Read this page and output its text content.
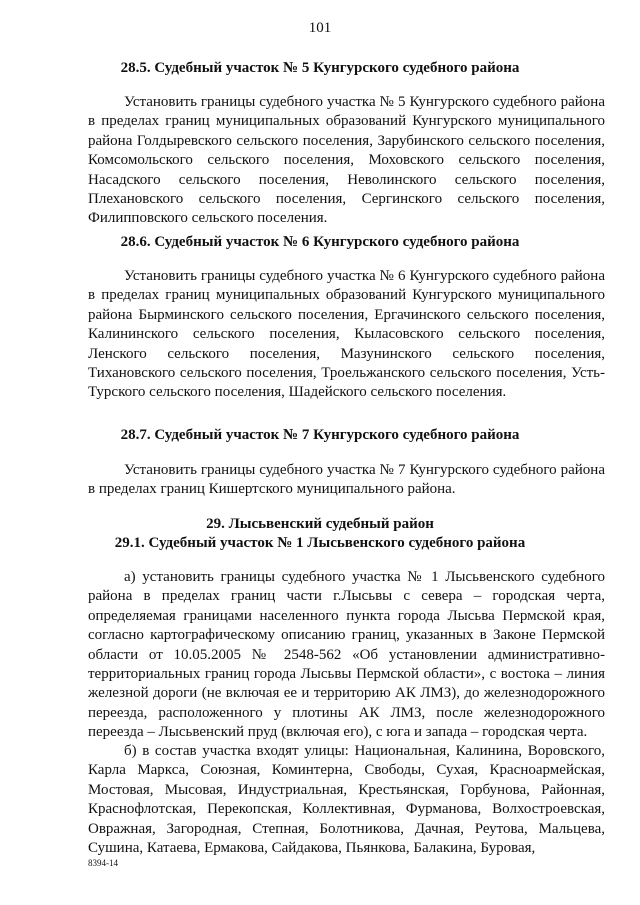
101
28.5. Судебный участок № 5 Кунгурского судебного района

Установить границы судебного участка № 5 Кунгурского судебного района в пределах границ муниципальных образований Кунгурского муниципального района Голдыревского сельского поселения, Зарубинского сельского поселения, Комсомольского сельского поселения, Моховского сельского поселения, Насадского сельского поселения, Неволинского сельского поселения, Плехановского сельского поселения, Сергинского сельского поселения, Филипповского сельского поселения.

28.6. Судебный участок № 6 Кунгурского судебного района

Установить границы судебного участка № 6 Кунгурского судебного района в пределах границ муниципальных образований Кунгурского муниципального района Бырминского сельского поселения, Ергачинского сельского поселения, Калининского сельского поселения, Кыласовского сельского поселения, Ленского сельского поселения, Мазунинского сельского поселения, Тихановского сельского поселения, Троельжанского сельского поселения, Усть-Турского сельского поселения, Шадейского сельского поселения.

28.7. Судебный участок № 7 Кунгурского судебного района

Установить границы судебного участка № 7 Кунгурского судебного района в пределах границ Кишертского муниципального района.

29. Лысьвенский судебный район
29.1. Судебный участок № 1 Лысьвенского судебного района

а) установить границы судебного участка № 1 Лысьвенского судебного района в пределах границ части г.Лысьвы с севера – городская черта, определяемая границами населенного пункта города Лысьва Пермской края, согласно картографическому описанию границ, указанных в Законе Пермской области от 10.05.2005 № 2548-562 «Об установлении административно-территориальных границ города Лысьвы Пермской области», с востока – линия железной дороги (не включая ее и территорию АК ЛМЗ), до железнодорожного переезда, расположенного у плотины АК ЛМЗ, после железнодорожного переезда – Лысьвенский пруд (включая его), с юга и запада – городская черта.

б) в состав участка входят улицы: Национальная, Калинина, Воровского, Карла Маркса, Союзная, Коминтерна, Свободы, Сухая, Красноармейская, Мостовая, Мысовая, Индустриальная, Крестьянская, Горбунова, Районная, Краснофлотская, Перекопская, Коллективная, Фурманова, Волхостроевская, Овражная, Загородная, Степная, Болотникова, Дачная, Реутова, Мальцева, Сушина, Катаева, Ермакова, Сайдакова, Пьянкова, Балакина, Буровая,

8394-14
